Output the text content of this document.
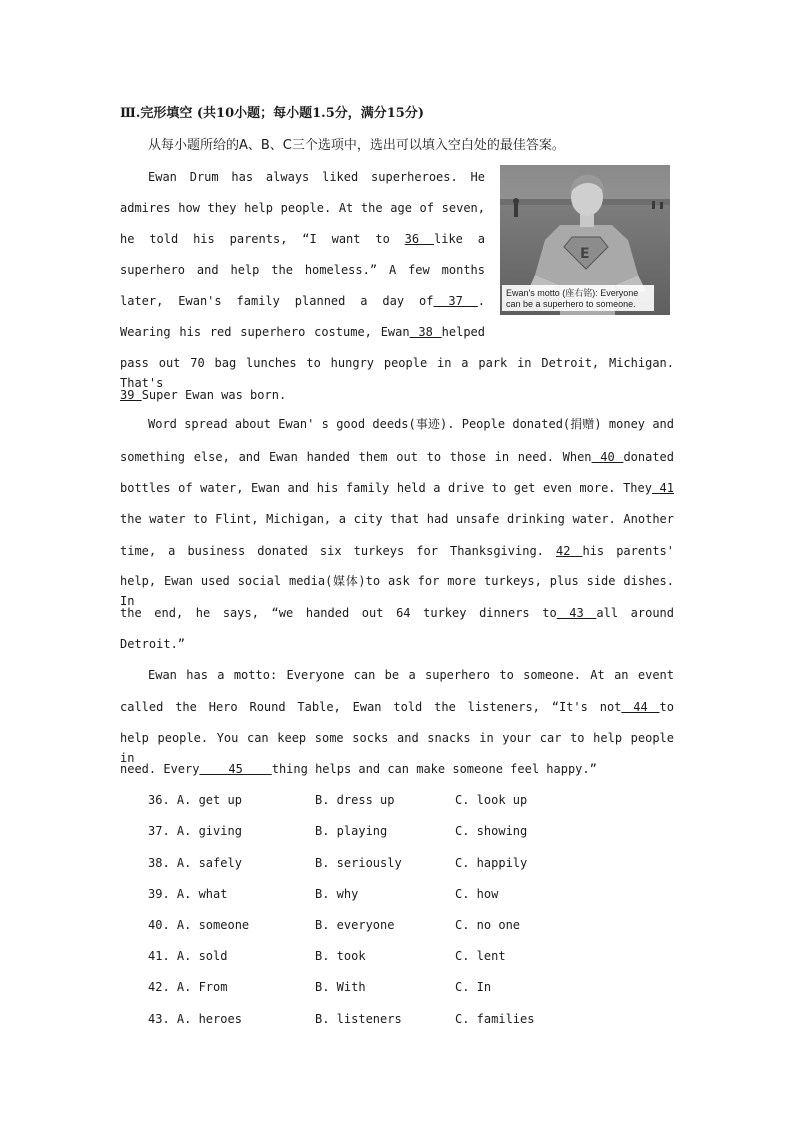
Ⅲ.完形填空 (共10小题；每小题1.5分，满分15分)
从每小题所给的A、B、C三个选项中，选出可以填入空白处的最佳答案。
E
Ewan's motto (座右铭): Everyone
can be a superhero to someone.
Ewan Drum has always liked superheroes. He
admires how they help people. At the age of seven,
he told his parents, “I want to 36 like a
superhero and help the homeless.” A few months
later, Ewan's family planned a day of 37 .
Wearing his red superhero costume, Ewan 38 helped
pass out 70 bag lunches to hungry people in a park in Detroit, Michigan. That's
39 Super Ewan was born.
Word spread about Ewan' s good deeds(事迹). People donated(捐赠) money and
something else, and Ewan handed them out to those in need. When 40 donated
bottles of water, Ewan and his family held a drive to get even more. They 41
the water to Flint, Michigan, a city that had unsafe drinking water. Another
time, a business donated six turkeys for Thanksgiving. 42 his parents'
help, Ewan used social media(媒体)to ask for more turkeys, plus side dishes. In
the end, he says, “we handed out 64 turkey dinners to 43 all around
Detroit.”
Ewan has a motto: Everyone can be a superhero to someone. At an event
called the Hero Round Table, Ewan told the listeners, “It's not 44 to
help people. You can keep some socks and snacks in your car to help people in
need. Every    45    thing helps and can make someone feel happy.”
36. A. get up	B. dress up	C. look up
37. A. giving	B. playing	C. showing
38. A. safely	B. seriously	C. happily
39. A. what	B. why	C. how
40. A. someone	B. everyone	C. no one
41. A. sold	B. took	C. lent
42. A. From	B. With	C. In
43. A. heroes	B. listeners	C. families
